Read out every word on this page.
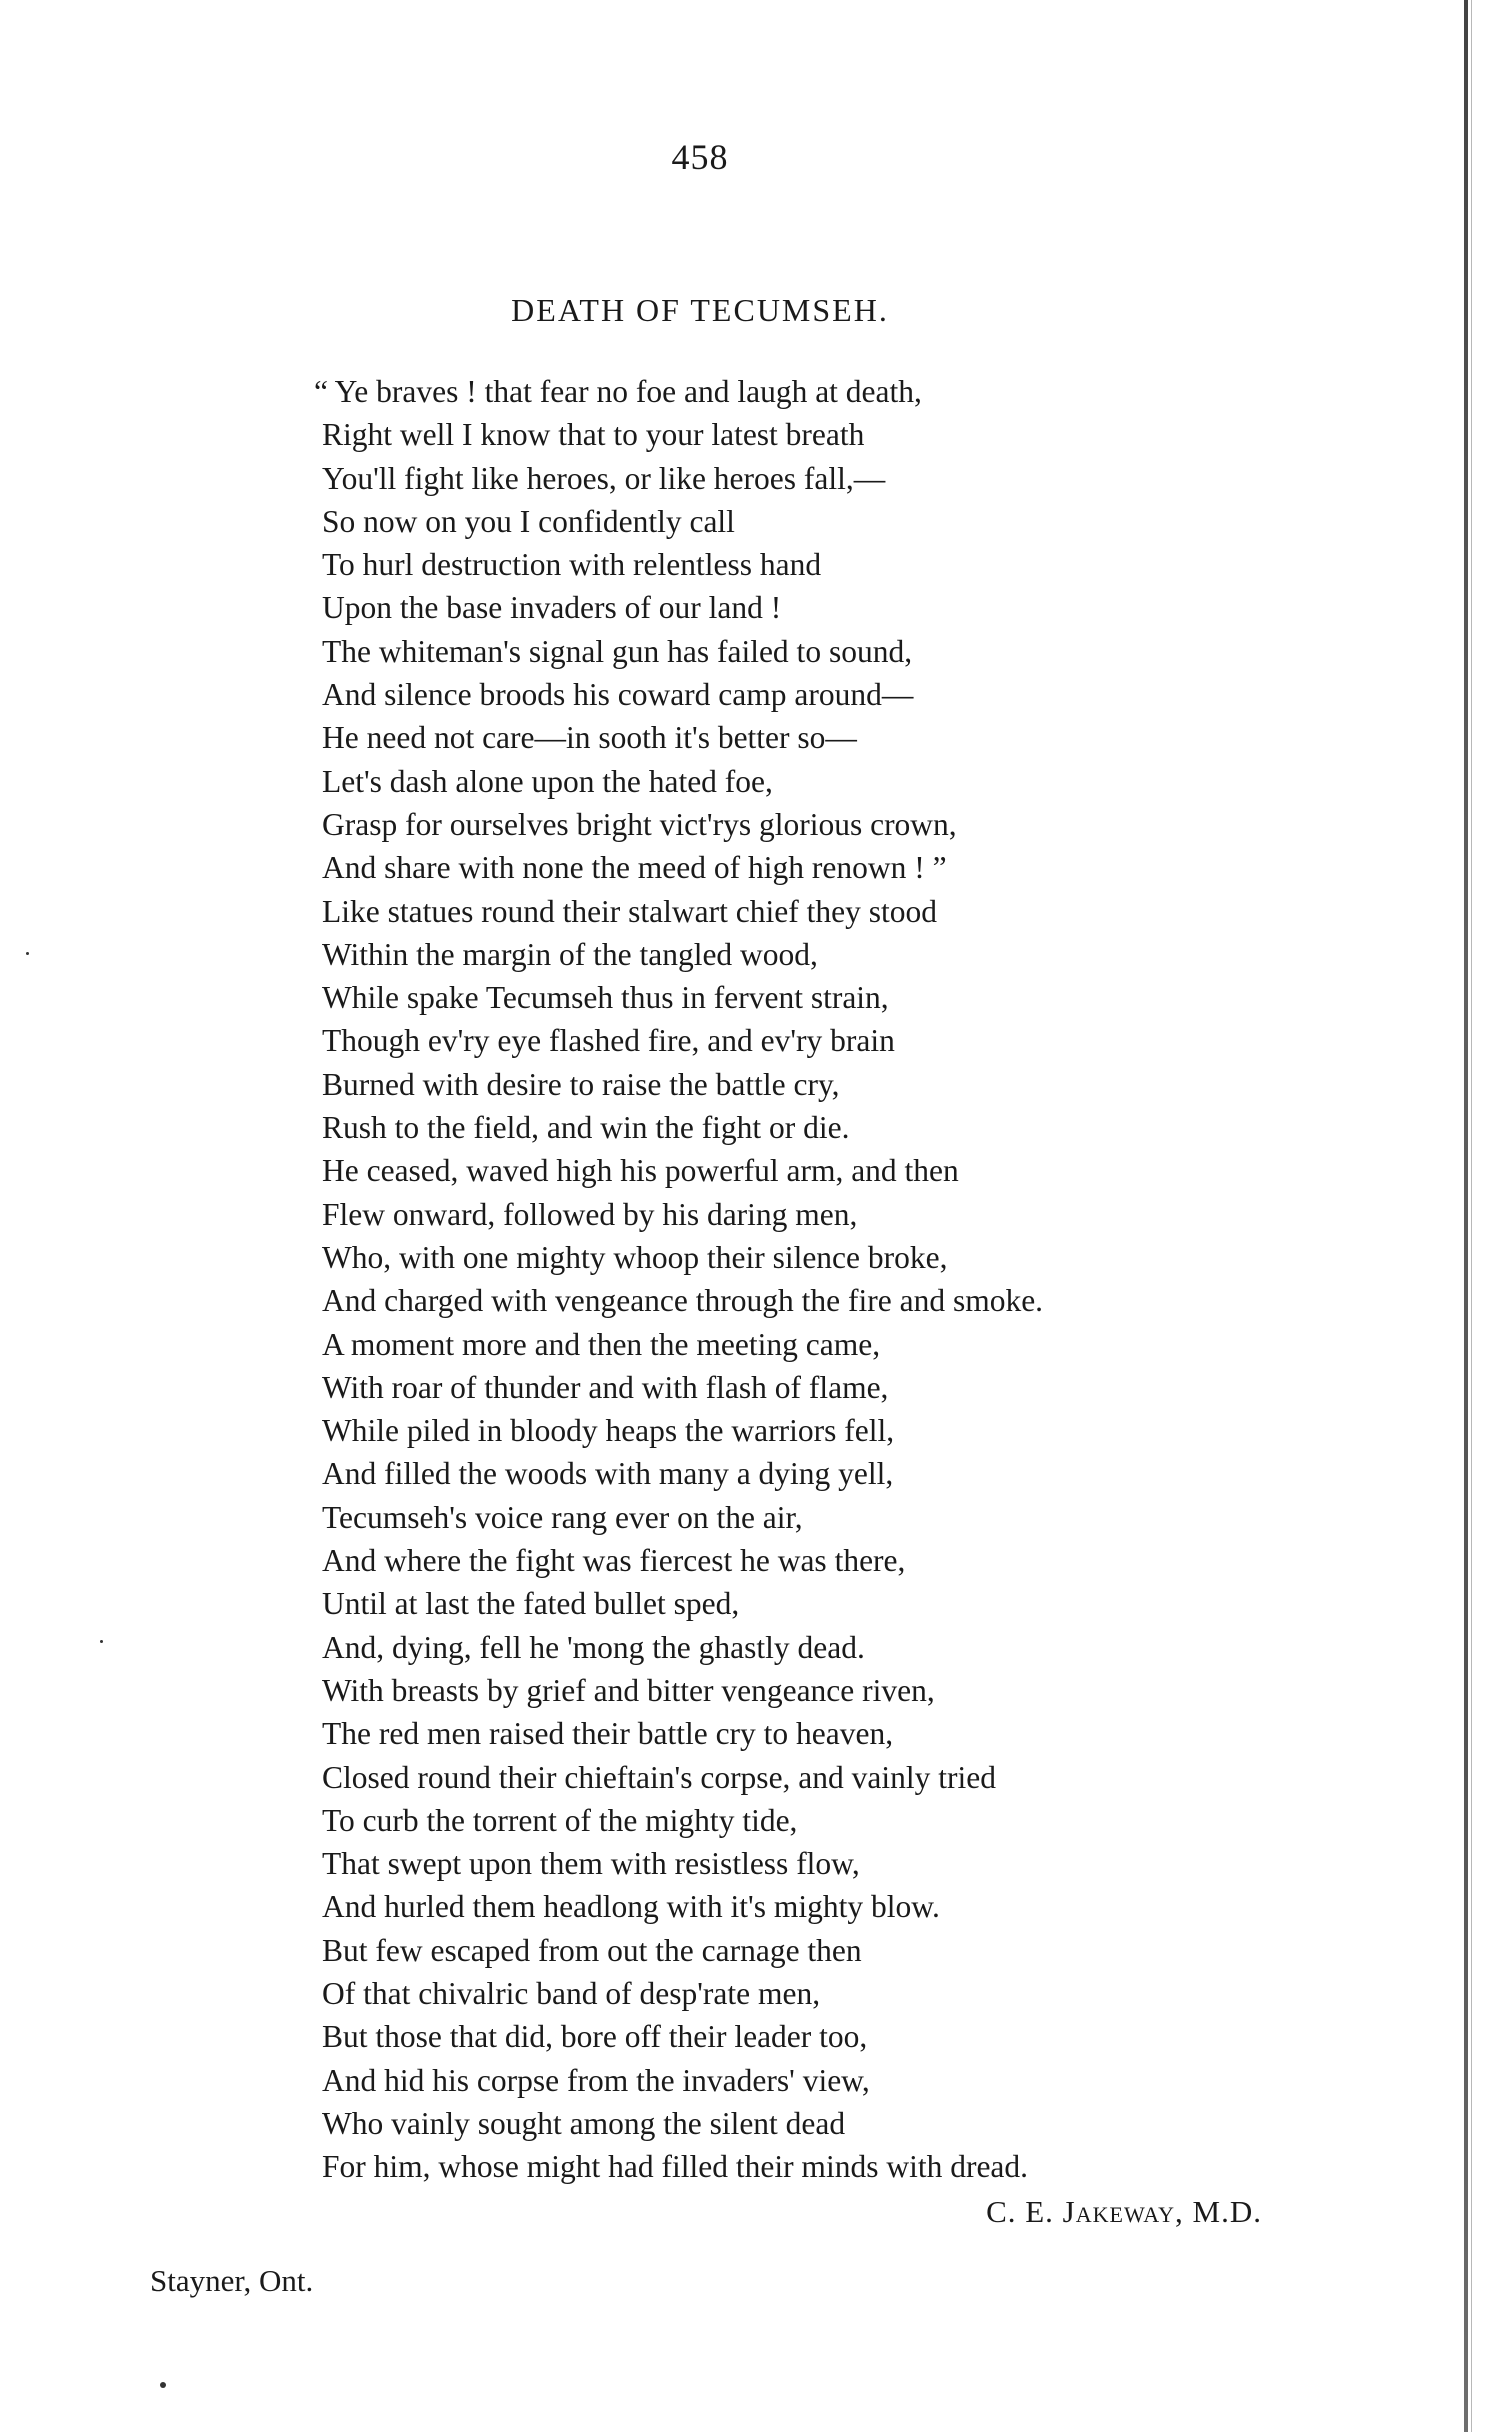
458
DEATH OF TECUMSEH.
“ Ye braves ! that fear no foe and laugh at death,
Right well I know that to your latest breath
You'll fight like heroes, or like heroes fall,—
So now on you I confidently call
To hurl destruction with relentless hand
Upon the base invaders of our land !
The whiteman's signal gun has failed to sound,
And silence broods his coward camp around—
He need not care—in sooth it's better so—
Let's dash alone upon the hated foe,
Grasp for ourselves bright vict'rys glorious crown,
And share with none the meed of high renown ! ”
Like statues round their stalwart chief they stood
Within the margin of the tangled wood,
While spake Tecumseh thus in fervent strain,
Though ev'ry eye flashed fire, and ev'ry brain
Burned with desire to raise the battle cry,
Rush to the field, and win the fight or die.
He ceased, waved high his powerful arm, and then
Flew onward, followed by his daring men,
Who, with one mighty whoop their silence broke,
And charged with vengeance through the fire and smoke.
A moment more and then the meeting came,
With roar of thunder and with flash of flame,
While piled in bloody heaps the warriors fell,
And filled the woods with many a dying yell,
Tecumseh's voice rang ever on the air,
And where the fight was fiercest he was there,
Until at last the fated bullet sped,
And, dying, fell he 'mong the ghastly dead.
With breasts by grief and bitter vengeance riven,
The red men raised their battle cry to heaven,
Closed round their chieftain's corpse, and vainly tried
To curb the torrent of the mighty tide,
That swept upon them with resistless flow,
And hurled them headlong with it's mighty blow.
But few escaped from out the carnage then
Of that chivalric band of desp'rate men,
But those that did, bore off their leader too,
And hid his corpse from the invaders' view,
Who vainly sought among the silent dead
For him, whose might had filled their minds with dread.
C. E. Jakeway, M.D.
Stayner, Ont.
